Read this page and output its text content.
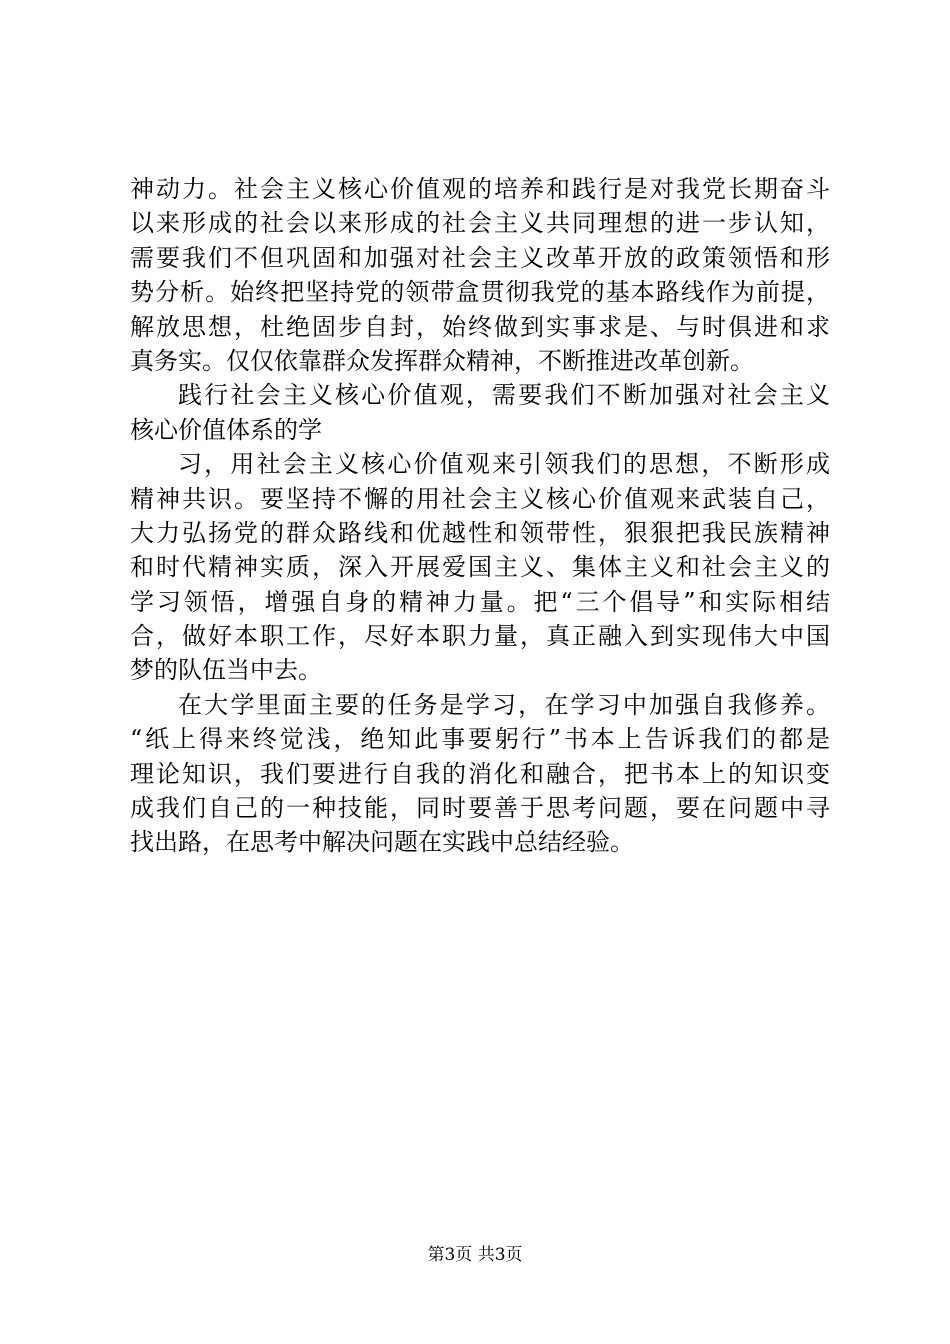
神动力。社会主义核心价值观的培养和践行是对我党长期奋斗
以来形成的社会以来形成的社会主义共同理想的进一步认知，
需要我们不但巩固和加强对社会主义改革开放的政策领悟和形
势分析。始终把坚持党的领带盒贯彻我党的基本路线作为前提，
解放思想，杜绝固步自封，始终做到实事求是、与时俱进和求
真务实。仅仅依靠群众发挥群众精神，不断推进改革创新。
践行社会主义核心价值观，需要我们不断加强对社会主义
核心价值体系的学
习，用社会主义核心价值观来引领我们的思想，不断形成
精神共识。要坚持不懈的用社会主义核心价值观来武装自己，
大力弘扬党的群众路线和优越性和领带性，狠狠把我民族精神
和时代精神实质，深入开展爱国主义、集体主义和社会主义的
学习领悟，增强自身的精神力量。把“三个倡导”和实际相结
合，做好本职工作，尽好本职力量，真正融入到实现伟大中国
梦的队伍当中去。
在大学里面主要的任务是学习，在学习中加强自我修养。
“纸上得来终觉浅，绝知此事要躬行”书本上告诉我们的都是
理论知识，我们要进行自我的消化和融合，把书本上的知识变
成我们自己的一种技能，同时要善于思考问题，要在问题中寻
找出路，在思考中解决问题在实践中总结经验。
第3页 共3页
